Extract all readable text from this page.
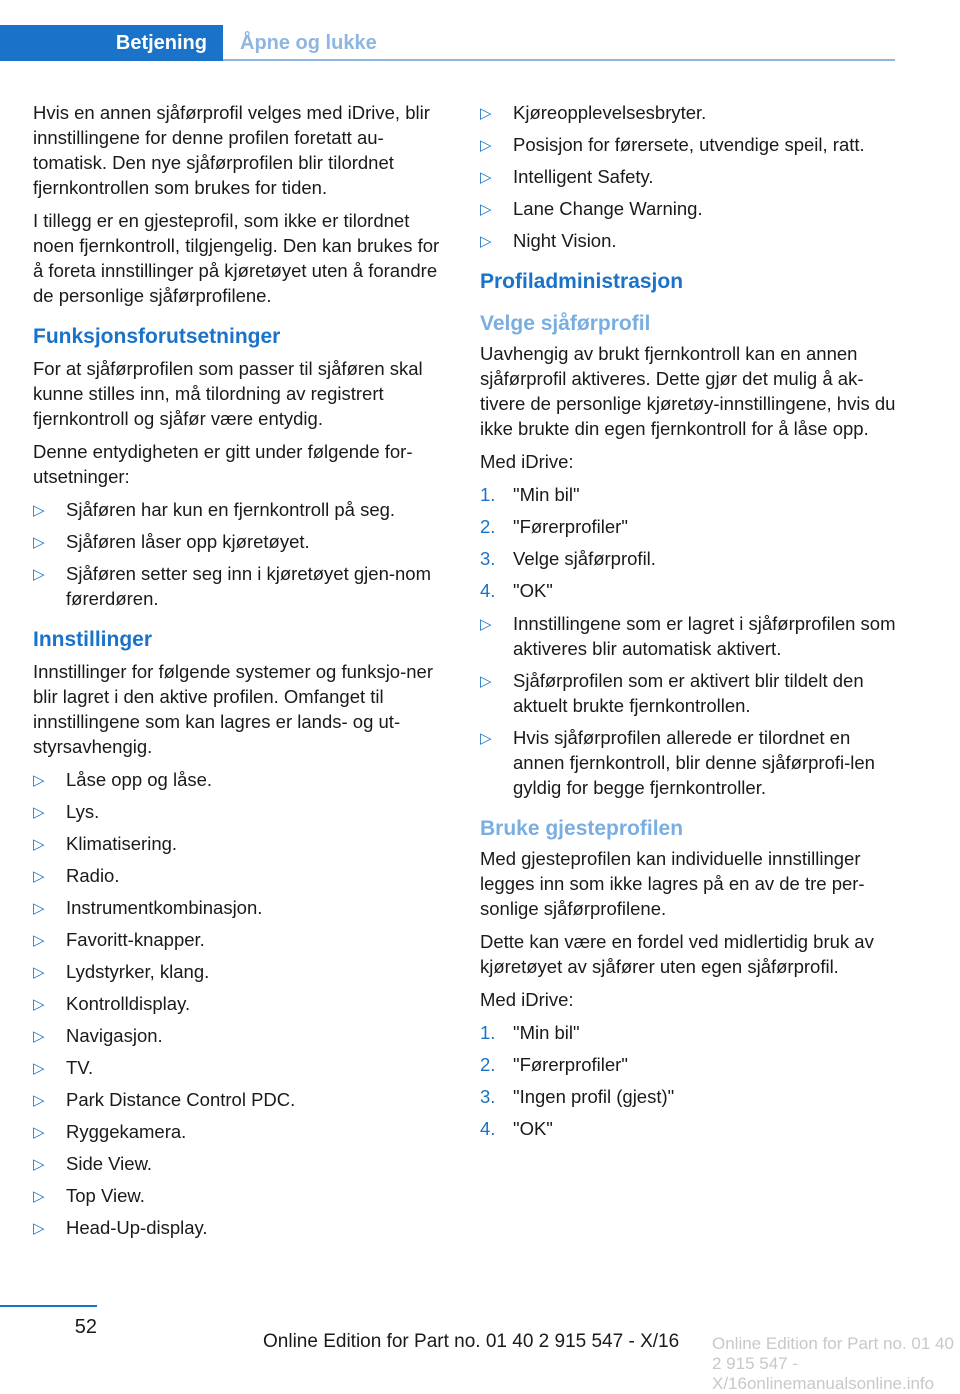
Betjening	Åpne og lukke

Hvis en annen sjåførprofil velges med iDrive, blir innstillingene for denne profilen foretatt au-tomatisk. Den nye sjåførprofilen blir tilordnet fjernkontrollen som brukes for tiden.

I tillegg er en gjesteprofil, som ikke er tilordnet noen fjernkontroll, tilgjengelig. Den kan brukes for å foreta innstillinger på kjøretøyet uten å forandre de personlige sjåførprofilene.

Funksjonsforutsetninger

For at sjåførprofilen som passer til sjåføren skal kunne stilles inn, må tilordning av registrert fjernkontroll og sjåfør være entydig.

Denne entydigheten er gitt under følgende for-utsetninger:

▷ Sjåføren har kun en fjernkontroll på seg.
▷ Sjåføren låser opp kjøretøyet.
▷ Sjåføren setter seg inn i kjøretøyet gjen-nom førerdøren.
Innstillinger

Innstillinger for følgende systemer og funksjo-ner blir lagret i den aktive profilen. Omfanget til innstillingene som kan lagres er lands- og ut-styrsavhengig.

▷ Låse opp og låse.
▷ Lys.
▷ Klimatisering.
▷ Radio.
▷ Instrumentkombinasjon.
▷ Favoritt-knapper.
▷ Lydstyrker, klang.
▷ Kontrolldisplay.
▷ Navigasjon.
▷ TV.
▷ Park Distance Control PDC.
▷ Ryggekamera.
▷ Side View.
▷ Top View.
▷ Head-Up-display.
▷ Kjøreopplevelsesbryter.
▷ Posisjon for førersete, utvendige speil, ratt.
▷ Intelligent Safety.
▷ Lane Change Warning.
▷ Night Vision.
Profiladministrasjon
Velge sjåførprofil

Uavhengig av brukt fjernkontroll kan en annen sjåførprofil aktiveres. Dette gjør det mulig å ak-tivere de personlige kjøretøy-innstillingene, hvis du ikke brukte din egen fjernkontroll for å låse opp.

Med iDrive:

1. "Min bil"
2. "Førerprofiler"
3. Velge sjåførprofil.
4. "OK"
▷ Innstillingene som er lagret i sjåførprofilen som aktiveres blir automatisk aktivert.
▷ Sjåførprofilen som er aktivert blir tildelt den aktuelt brukte fjernkontrollen.
▷ Hvis sjåførprofilen allerede er tilordnet en annen fjernkontroll, blir denne sjåførprofi-len gyldig for begge fjernkontroller.
Bruke gjesteprofilen

Med gjesteprofilen kan individuelle innstillinger legges inn som ikke lagres på en av de tre per-sonlige sjåførprofilene.

Dette kan være en fordel ved midlertidig bruk av kjøretøyet av sjåfører uten egen sjåførprofil.

Med iDrive:

1. "Min bil"
2. "Førerprofiler"
3. "Ingen profil (gjest)"
4. "OK"
52
Online Edition for Part no. 01 40 2 915 547 - X/16onlinemanualsonline.info
Online Edition for Part no. 01 40 2 915 547 - X/16
